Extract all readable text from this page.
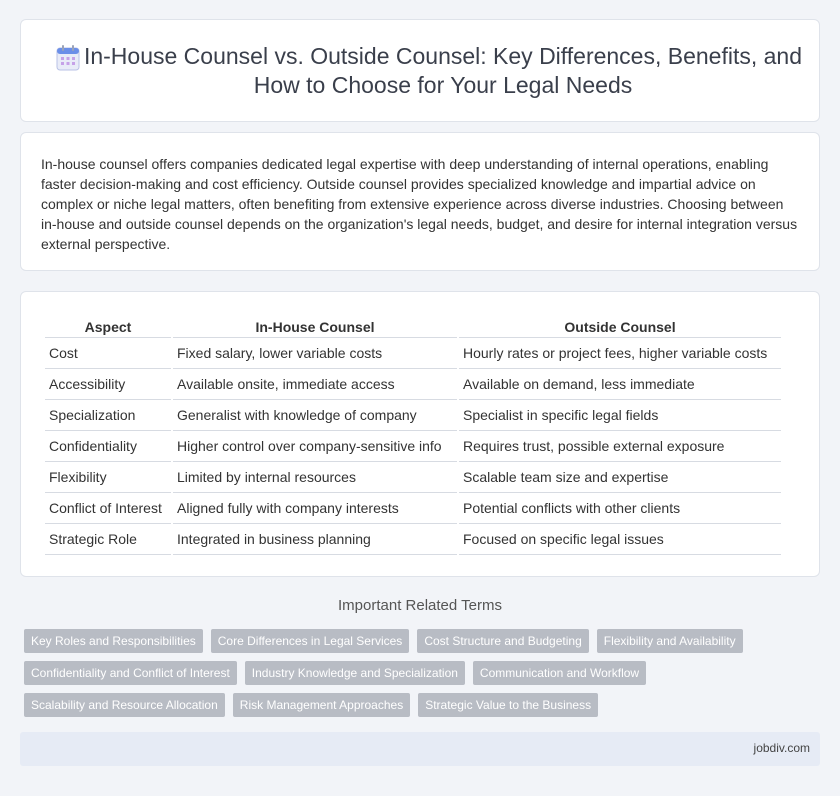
In-House Counsel vs. Outside Counsel: Key Differences, Benefits, and How to Choose for Your Legal Needs

In-house counsel offers companies dedicated legal expertise with deep understanding of internal operations, enabling faster decision-making and cost efficiency. Outside counsel provides specialized knowledge and impartial advice on complex or niche legal matters, often benefiting from extensive experience across diverse industries. Choosing between in-house and outside counsel depends on the organization's legal needs, budget, and desire for internal integration versus external perspective.

Aspect	In-House Counsel	Outside Counsel
Cost	Fixed salary, lower variable costs	Hourly rates or project fees, higher variable costs
Accessibility	Available onsite, immediate access	Available on demand, less immediate
Specialization	Generalist with knowledge of company	Specialist in specific legal fields
Confidentiality	Higher control over company-sensitive info	Requires trust, possible external exposure
Flexibility	Limited by internal resources	Scalable team size and expertise
Conflict of Interest	Aligned fully with company interests	Potential conflicts with other clients
Strategic Role	Integrated in business planning	Focused on specific legal issues
Important Related Terms
Key Roles and Responsibilities	Core Differences in Legal Services	Cost Structure and Budgeting	Flexibility and Availability
Confidentiality and Conflict of Interest	Industry Knowledge and Specialization	Communication and Workflow
Scalability and Resource Allocation	Risk Management Approaches	Strategic Value to the Business
jobdiv.com
